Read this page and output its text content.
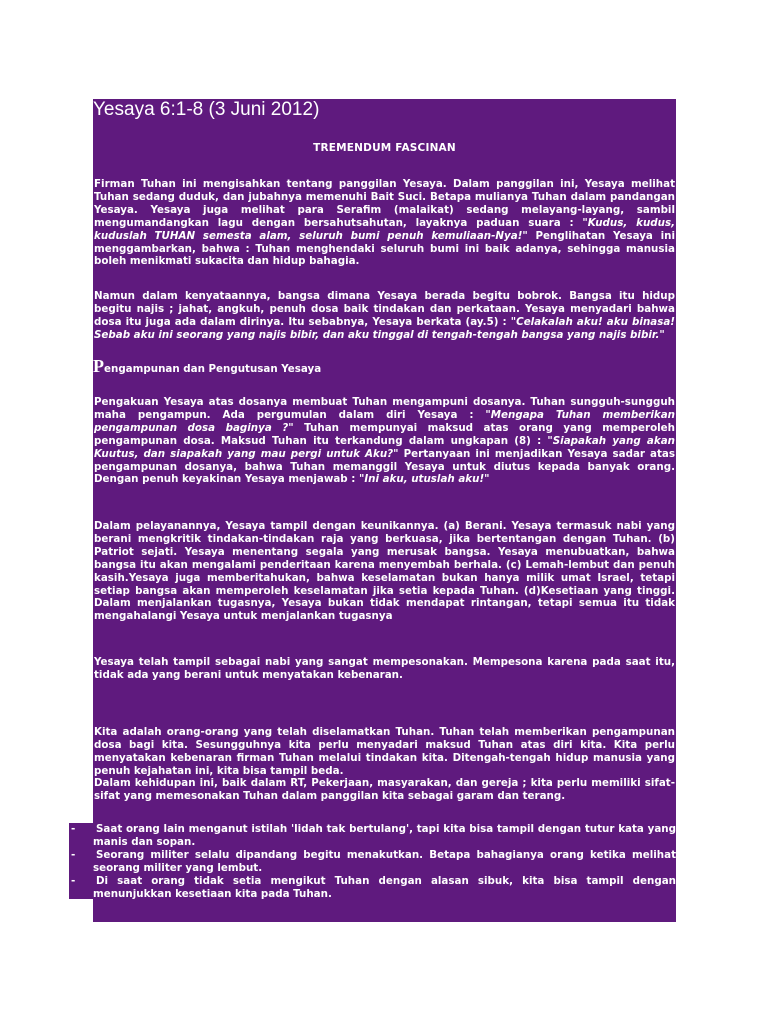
Yesaya 6:1-8 (3 Juni 2012)
TREMENDUM FASCINAN
Firman Tuhan ini mengisahkan tentang panggilan Yesaya. Dalam panggilan ini, Yesaya melihat Tuhan sedang duduk, dan jubahnya memenuhi Bait Suci. Betapa mulianya Tuhan dalam pandangan Yesaya. Yesaya juga melihat para Serafim (malaikat) sedang melayang-layang, sambil mengumandangkan lagu dengan bersahutsahutan, layaknya paduan suara : "Kudus, kudus, kuduslah TUHAN semesta alam, seluruh bumi penuh kemuliaan-Nya!" Penglihatan Yesaya ini menggambarkan, bahwa : Tuhan menghendaki seluruh bumi ini baik adanya, sehingga manusia boleh menikmati sukacita dan hidup bahagia.
Namun dalam kenyataannya, bangsa dimana Yesaya berada begitu bobrok. Bangsa itu hidup begitu najis ; jahat, angkuh, penuh dosa baik tindakan dan perkataan. Yesaya menyadari bahwa dosa itu juga ada dalam dirinya. Itu sebabnya, Yesaya berkata (ay.5) : "Celakalah aku! aku binasa! Sebab aku ini seorang yang najis bibir, dan aku tinggal di tengah-tengah bangsa yang najis bibir."
Pengampunan dan Pengutusan Yesaya
Pengakuan Yesaya atas dosanya membuat Tuhan mengampuni dosanya. Tuhan sungguh-sungguh maha pengampun. Ada pergumulan dalam diri Yesaya : "Mengapa Tuhan memberikan pengampunan dosa baginya ?" Tuhan mempunyai maksud atas orang yang memperoleh pengampunan dosa. Maksud Tuhan itu terkandung dalam ungkapan (8) : "Siapakah yang akan Kuutus, dan siapakah yang mau pergi untuk Aku?" Pertanyaan ini menjadikan Yesaya sadar atas pengampunan dosanya, bahwa Tuhan memanggil Yesaya untuk diutus kepada banyak orang. Dengan penuh keyakinan Yesaya menjawab : "Ini aku, utuslah aku!"
Dalam pelayanannya, Yesaya tampil dengan keunikannya. (a) Berani. Yesaya termasuk nabi yang berani mengkritik tindakan-tindakan raja yang berkuasa, jika bertentangan dengan Tuhan. (b) Patriot sejati. Yesaya menentang segala yang merusak bangsa. Yesaya menubuatkan, bahwa bangsa itu akan mengalami penderitaan karena menyembah berhala. (c) Lemah-lembut dan penuh kasih.Yesaya juga memberitahukan, bahwa keselamatan bukan hanya milik umat Israel, tetapi setiap bangsa akan memperoleh keselamatan jika setia kepada Tuhan. (d)Kesetiaan yang tinggi. Dalam menjalankan tugasnya, Yesaya bukan tidak mendapat rintangan, tetapi semua itu tidak mengahalangi Yesaya untuk menjalankan tugasnya
Yesaya telah tampil sebagai nabi yang sangat mempesonakan. Mempesona karena pada saat itu, tidak ada yang berani untuk menyatakan kebenaran.
Kita adalah orang-orang yang telah diselamatkan Tuhan. Tuhan telah memberikan pengampunan dosa bagi kita. Sesungguhnya kita perlu menyadari maksud Tuhan atas diri kita. Kita perlu menyatakan kebenaran firman Tuhan melalui tindakan kita. Ditengah-tengah hidup manusia yang penuh kejahatan ini, kita bisa tampil beda.
Dalam kehidupan ini, baik dalam RT, Pekerjaan, masyarakan, dan gereja ; kita perlu memiliki sifat-sifat yang memesonakan Tuhan dalam panggilan kita sebagai garam dan terang.
-	Saat orang lain menganut istilah 'lidah tak bertulang', tapi kita bisa tampil dengan tutur kata yang manis dan sopan.
-	Seorang militer selalu dipandang begitu menakutkan. Betapa bahagianya orang ketika melihat seorang militer yang lembut.
-	Di saat orang tidak setia mengikut Tuhan dengan alasan sibuk, kita bisa tampil dengan menunjukkan kesetiaan kita pada Tuhan.
